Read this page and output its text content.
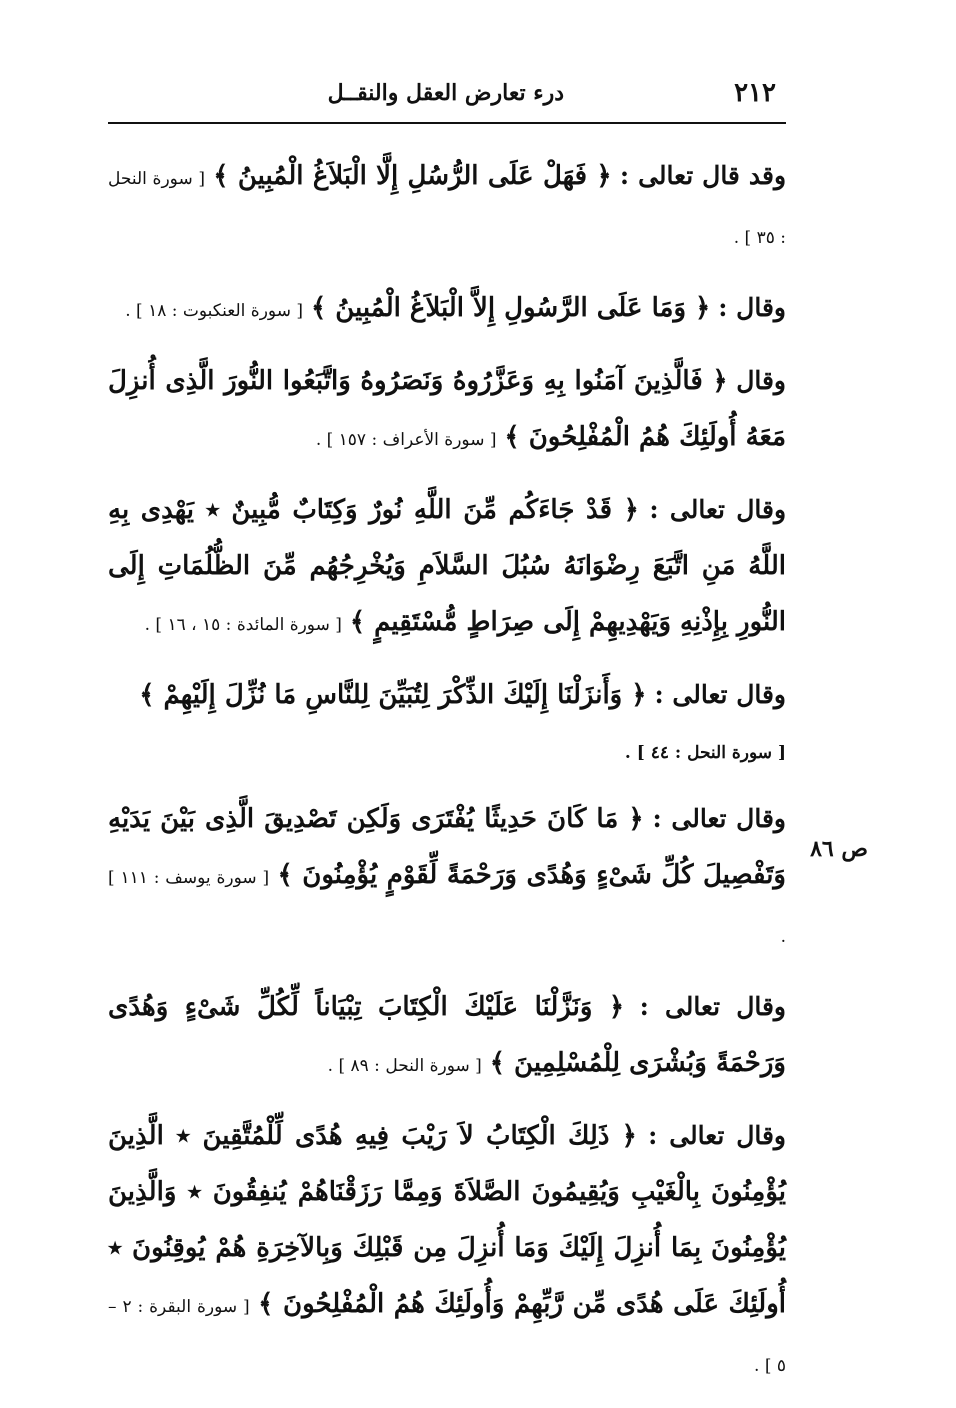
٢١٢
درء تعارض العقل والنقــل
ص ٨٦

وقد قال تعالى : ﴿ فَهَلْ عَلَى الرُّسُلِ إِلَّا الْبَلاَغُ الْمُبِينُ ﴾ [ سورة النحل : ٣٥ ] .

وقال : ﴿ وَمَا عَلَى الرَّسُولِ إِلاَّ الْبَلاَغُ الْمُبِينُ ﴾ [ سورة العنكبوت : ١٨ ] .

وقال ﴿ فَالَّذِينَ آمَنُوا بِهِ وَعَزَّرُوهُ وَنَصَرُوهُ وَاتَّبَعُوا النُّورَ الَّذِى أُنزِلَ مَعَهُ أُولَئِكَ هُمُ الْمُفْلِحُونَ ﴾ [ سورة الأعراف : ١٥٧ ] .

وقال تعالى : ﴿ قَدْ جَاءَكُم مِّنَ اللَّهِ نُورٌ وَكِتَابٌ مُّبِينٌ ٭ يَهْدِى بِهِ اللَّهُ مَنِ اتَّبَعَ رِضْوَانَهُ سُبُلَ السَّلاَمِ وَيُخْرِجُهُم مِّنَ الظُّلُمَاتِ إِلَى النُّورِ بِإِذْنِهِ وَيَهْدِيهِمْ إِلَى صِرَاطٍ مُّسْتَقِيمٍ ﴾ [ سورة المائدة : ١٥ ، ١٦ ] .

وقال تعالى : ﴿ وَأَنزَلْنَا إِلَيْكَ الذِّكْرَ لِتُبَيِّنَ لِلنَّاسِ مَا نُزِّلَ إِلَيْهِمْ ﴾

[ سورة النحل : ٤٤ ] .

وقال تعالى : ﴿ مَا كَانَ حَدِيثًا يُفْتَرَى وَلَكِن تَصْدِيقَ الَّذِى بَيْنَ يَدَيْهِ وَتَفْصِيلَ كُلِّ شَىْءٍ وَهُدًى وَرَحْمَةً لِّقَوْمٍ يُؤْمِنُونَ ﴾ [ سورة يوسف : ١١١ ] .

وقال تعالى : ﴿ وَنَزَّلْنَا عَلَيْكَ الْكِتَابَ تِبْيَاناً لِّكُلِّ شَىْءٍ وَهُدًى وَرَحْمَةً وَبُشْرَى لِلْمُسْلِمِينَ ﴾ [ سورة النحل : ٨٩ ] .

وقال تعالى : ﴿ ذَلِكَ الْكِتَابُ لاَ رَيْبَ فِيهِ هُدًى لِّلْمُتَّقِينَ ٭ الَّذِينَ يُؤْمِنُونَ بِالْغَيْبِ وَيُقِيمُونَ الصَّلاَةَ وَمِمَّا رَزَقْنَاهُمْ يُنفِقُونَ ٭ وَالَّذِينَ يُؤْمِنُونَ بِمَا أُنزِلَ إِلَيْكَ وَمَا أُنزِلَ مِن قَبْلِكَ وَبِالآخِرَةِ هُمْ يُوقِنُونَ ٭ أُولَئِكَ عَلَى هُدًى مِّن رَّبِّهِمْ وَأُولَئِكَ هُمُ الْمُفْلِحُونَ ﴾ [ سورة البقرة : ٢ – ٥ ] .
